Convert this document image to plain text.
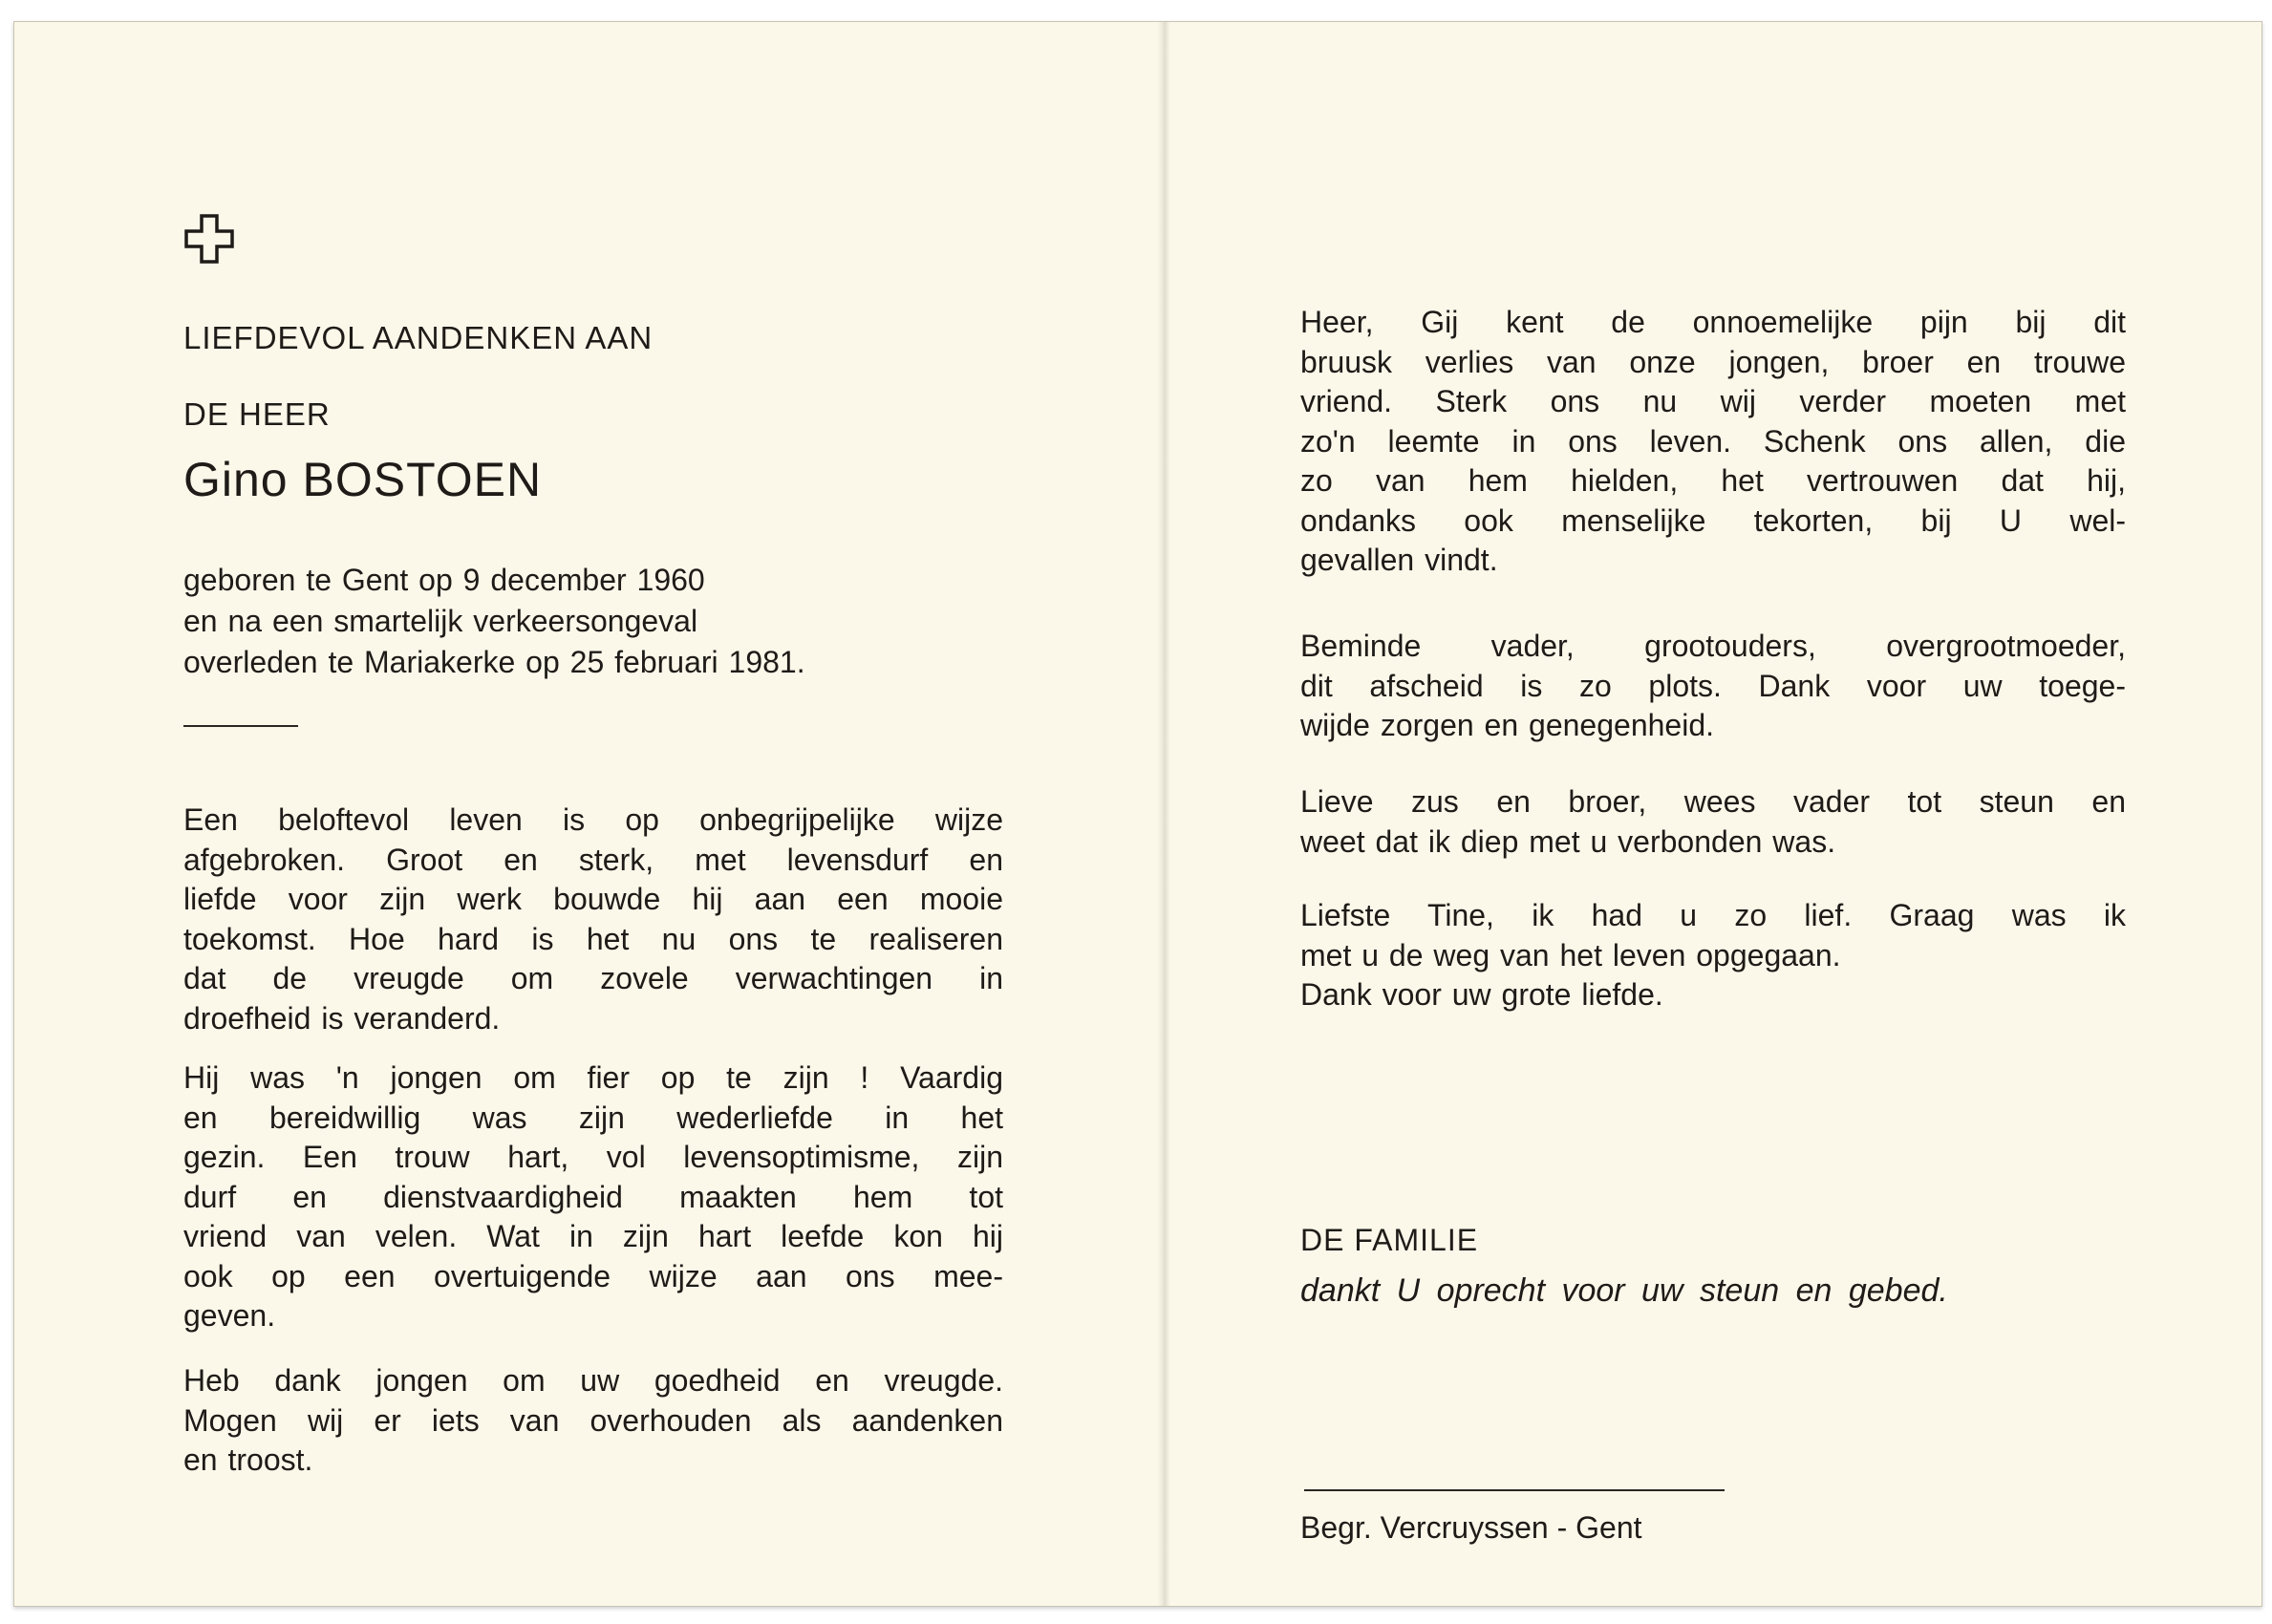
LIEFDEVOL AANDENKEN AAN
DE HEER
Gino BOSTOEN
geboren te Gent op 9 december 1960
en na een smartelijk verkeersongeval
overleden te Mariakerke op 25 februari 1981.
Een beloftevol leven is op onbegrijpelijke wijze
afgebroken. Groot en sterk, met levensdurf en
liefde voor zijn werk bouwde hij aan een mooie
toekomst. Hoe hard is het nu ons te realiseren
dat de vreugde om zovele verwachtingen in
droefheid is veranderd.
Hij was 'n jongen om fier op te zijn ! Vaardig
en bereidwillig was zijn wederliefde in het
gezin. Een trouw hart, vol levensoptimisme, zijn
durf en dienstvaardigheid maakten hem tot
vriend van velen. Wat in zijn hart leefde kon hij
ook op een overtuigende wijze aan ons mee-
geven.
Heb dank jongen om uw goedheid en vreugde.
Mogen wij er iets van overhouden als aandenken
en troost.
Heer, Gij kent de onnoemelijke pijn bij dit
bruusk verlies van onze jongen, broer en trouwe
vriend. Sterk ons nu wij verder moeten met
zo'n leemte in ons leven. Schenk ons allen, die
zo van hem hielden, het vertrouwen dat hij,
ondanks ook menselijke tekorten, bij U wel-
gevallen vindt.
Beminde vader, grootouders, overgrootmoeder,
dit afscheid is zo plots. Dank voor uw toege-
wijde zorgen en genegenheid.
Lieve zus en broer, wees vader tot steun en
weet dat ik diep met u verbonden was.
Liefste Tine, ik had u zo lief. Graag was ik
met u de weg van het leven opgegaan.
Dank voor uw grote liefde.
DE FAMILIE

dankt U oprecht voor uw steun en gebed.

Begr. Vercruyssen - Gent
